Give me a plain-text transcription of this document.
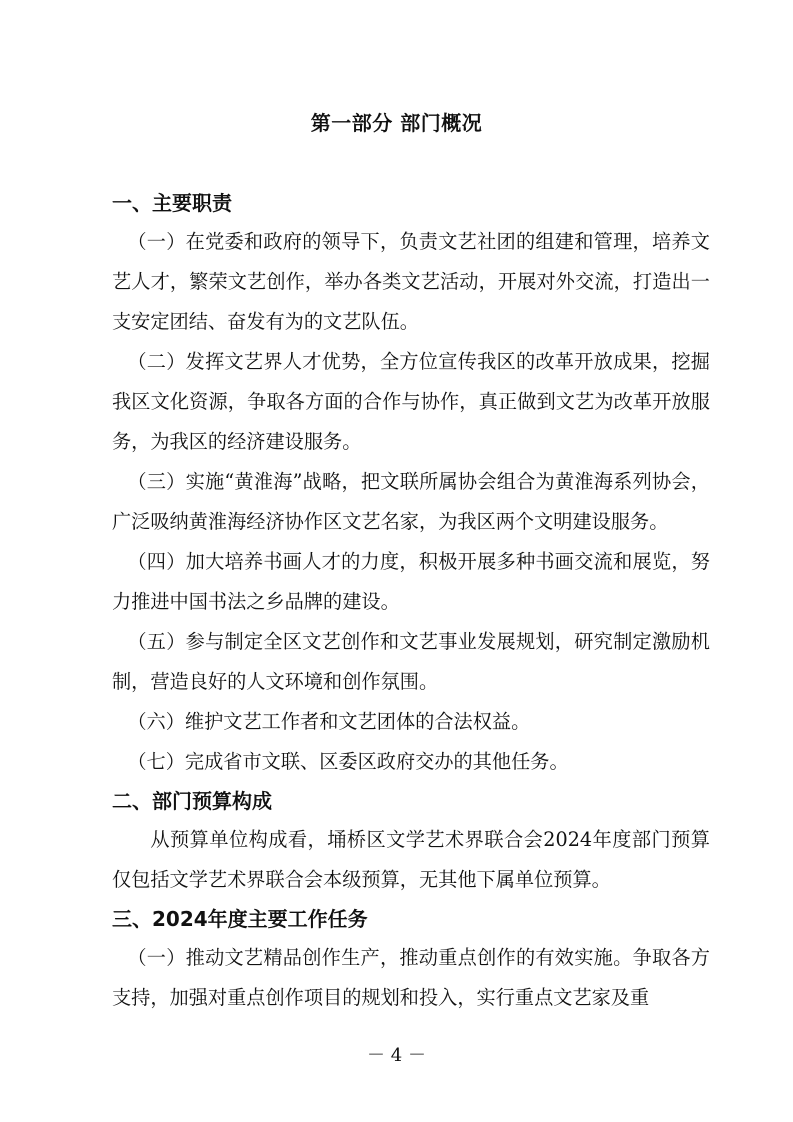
第一部分 部门概况
一、主要职责

（一）在党委和政府的领导下，负责文艺社团的组建和管理，培养文艺人才，繁荣文艺创作，举办各类文艺活动，开展对外交流，打造出一支安定团结、奋发有为的文艺队伍。

（二）发挥文艺界人才优势，全方位宣传我区的改革开放成果，挖掘我区文化资源，争取各方面的合作与协作，真正做到文艺为改革开放服务，为我区的经济建设服务。

（三）实施“黄淮海”战略，把文联所属协会组合为黄淮海系列协会，广泛吸纳黄淮海经济协作区文艺名家，为我区两个文明建设服务。

（四）加大培养书画人才的力度，积极开展多种书画交流和展览，努力推进中国书法之乡品牌的建设。

（五）参与制定全区文艺创作和文艺事业发展规划，研究制定激励机制，营造良好的人文环境和创作氛围。

（六）维护文艺工作者和文艺团体的合法权益。

（七）完成省市文联、区委区政府交办的其他任务。

二、部门预算构成

从预算单位构成看，埇桥区文学艺术界联合会2024年度部门预算仅包括文学艺术界联合会本级预算，无其他下属单位预算。

三、2024年度主要工作任务

（一）推动文艺精品创作生产，推动重点创作的有效实施。争取各方支持，加强对重点创作项目的规划和投入，实行重点文艺家及重

－ 4 －
